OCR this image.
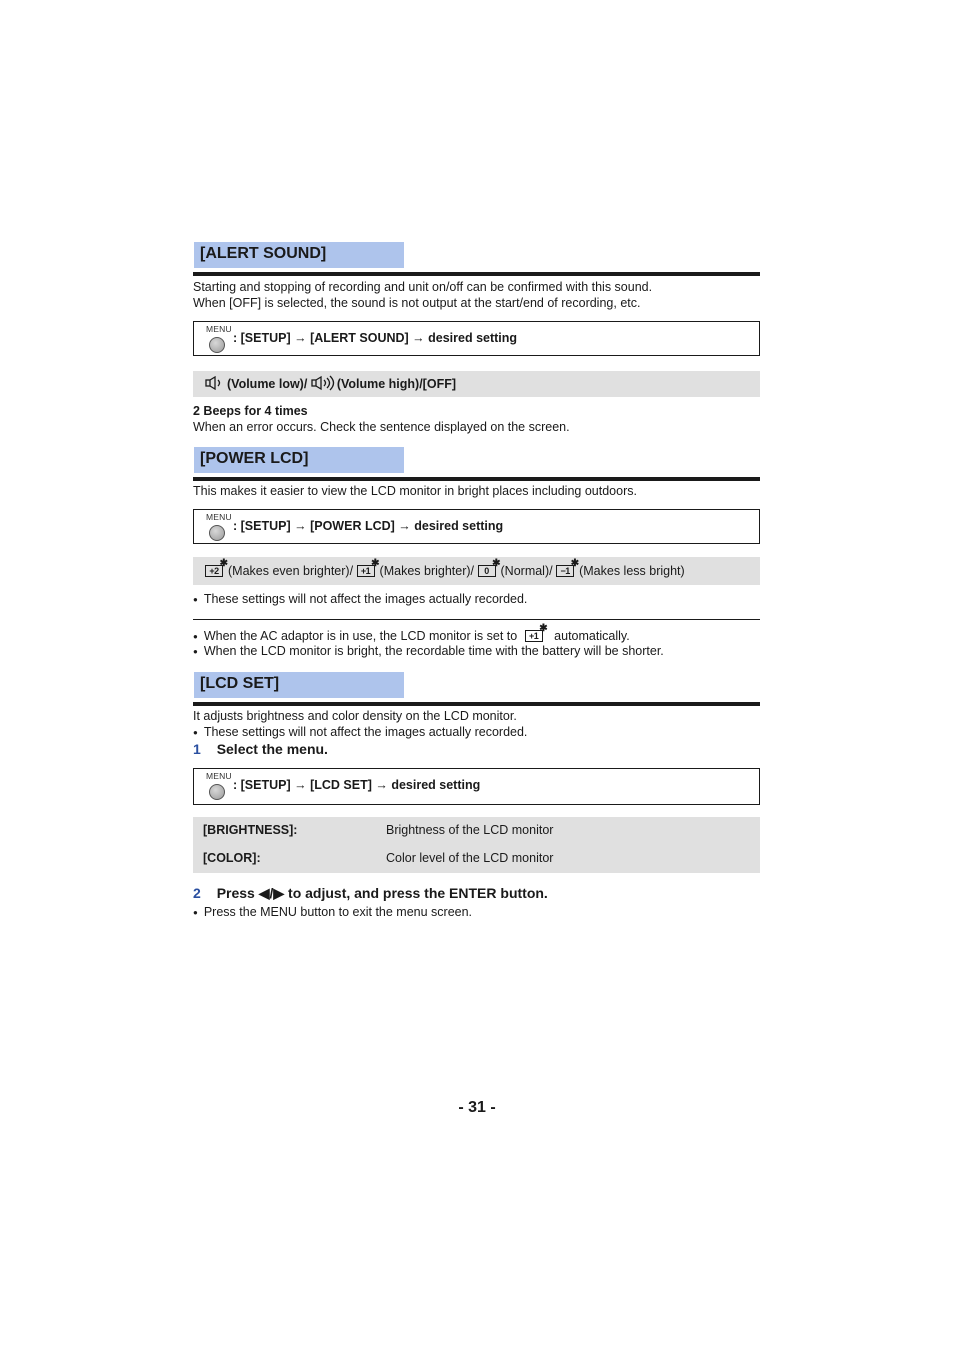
[ALERT SOUND]
Starting and stopping of recording and unit on/off can be confirmed with this sound.
When [OFF] is selected, the sound is not output at the start/end of recording, etc.
MENU
: [SETUP] → [ALERT SOUND] → desired setting
(Volume low)/ (Volume high)/[OFF]
2 Beeps for 4 times
When an error occurs. Check the sentence displayed on the screen.
[POWER LCD]
This makes it easier to view the LCD monitor in bright places including outdoors.
MENU
: [SETUP] → [POWER LCD] → desired setting
+2
✱
(Makes even brighter)/ +1
✱
(Makes brighter)/	0
✱
(Normal)/ −1
✱
(Makes less bright)
● These settings will not affect the images actually recorded.
● When the AC adaptor is in use, the LCD monitor is set to	+1
✱
automatically.
● When the LCD monitor is bright, the recordable time with the battery will be shorter.
[LCD SET]
It adjusts brightness and color density on the LCD monitor.
● These settings will not affect the images actually recorded.
1 Select the menu.
MENU
: [SETUP] → [LCD SET] → desired setting
[BRIGHTNESS]:	Brightness of the LCD monitor
[COLOR]:	Color level of the LCD monitor
2 Press ◀/▶ to adjust, and press the ENTER button.
● Press the MENU button to exit the menu screen.
- 31 -
